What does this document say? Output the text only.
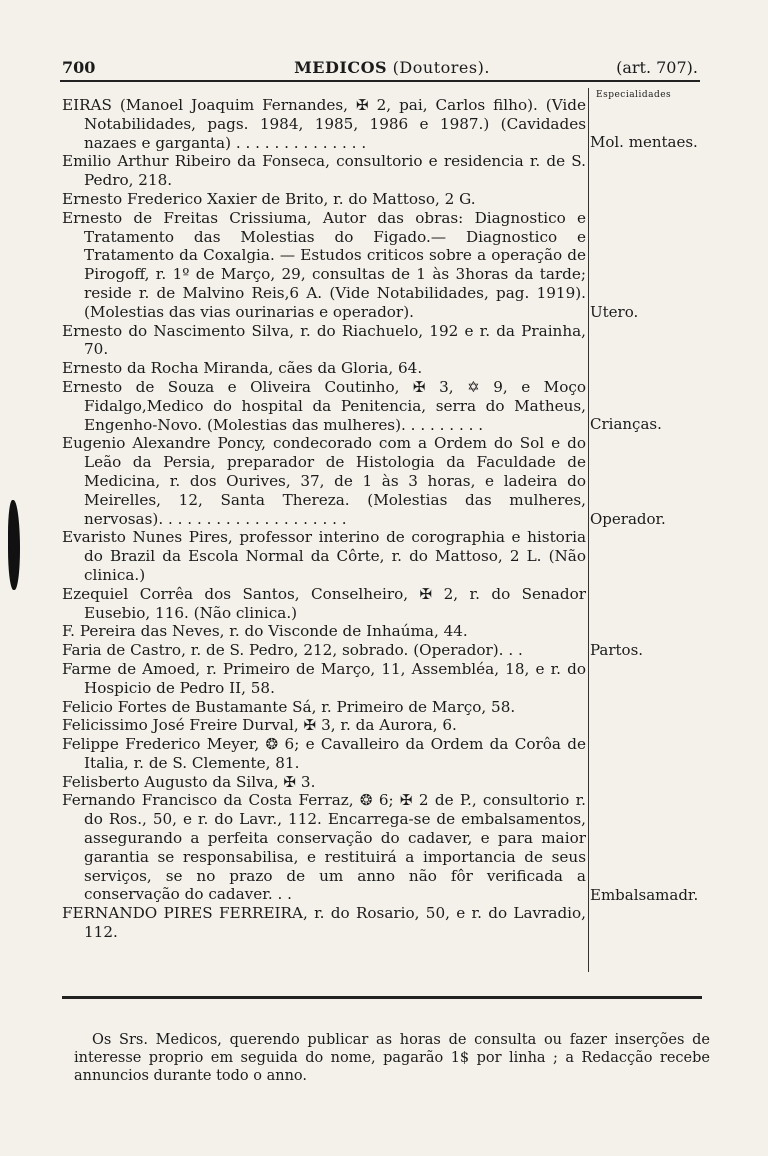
700	MEDICOS (Doutores).	(art. 707).
Especialidades

EIRAS (Manoel Joaquim Fernandes, ✠ 2, pai, Carlos filho). (Vide Notabilidades, pags. 1984, 1985, 1986 e 1987.) (Cavidades nazaes e garganta) . . . . . . . . . . . . . .	Mol. mentaes.

Emilio Arthur Ribeiro da Fonseca, consultorio e residencia r. de S. Pedro, 218.

Ernesto Frederico Xaxier de Brito, r. do Mattoso, 2 G.

Ernesto de Freitas Crissiuma, Autor das obras: Diagnostico e Tratamento das Molestias do Figado.— Diagnostico e Tratamento da Coxalgia. — Estudos criticos sobre a operação de Pirogoff, r. 1º de Março, 29, consultas de 1 às 3horas da tarde; reside r. de Malvino Reis,6 A. (Vide Notabilidades, pag. 1919). (Molestias das vias ourinarias e operador).	Utero.

Ernesto do Nascimento Silva, r. do Riachuelo, 192 e r. da Prainha, 70.

Ernesto da Rocha Miranda, cães da Gloria, 64.

Ernesto de Souza e Oliveira Coutinho, ✠ 3, ✡ 9, e Moço Fidalgo,Medico do hospital da Penitencia, serra do Matheus, Engenho-Novo. (Molestias das mulheres). . . . . . . . .	Crianças.

Eugenio Alexandre Poncy, condecorado com a Ordem do Sol e do Leão da Persia, preparador de Histologia da Faculdade de Medicina, r. dos Ourives, 37, de 1 às 3 horas, e ladeira do Meirelles, 12, Santa Thereza. (Molestias das mulheres, nervosas). . . . . . . . . . . . . . . . . . . .	Operador.

Evaristo Nunes Pires, professor interino de corographia e historia do Brazil da Escola Normal da Côrte, r. do Mattoso, 2 L. (Não clinica.)

Ezequiel Corrêa dos Santos, Conselheiro, ✠ 2, r. do Senador Eusebio, 116. (Não clinica.)

F. Pereira das Neves, r. do Visconde de Inhaúma, 44.

Faria de Castro, r. de S. Pedro, 212, sobrado. (Operador). . .	Partos.

Farme de Amoed, r. Primeiro de Março, 11, Assembléa, 18, e r. do Hospicio de Pedro II, 58.

Felicio Fortes de Bustamante Sá, r. Primeiro de Março, 58.

Felicissimo José Freire Durval, ✠ 3, r. da Aurora, 6.

Felippe Frederico Meyer, ❂ 6; e Cavalleiro da Ordem da Corôa de Italia, r. de S. Clemente, 81.

Felisberto Augusto da Silva, ✠ 3.

Fernando Francisco da Costa Ferraz, ❂ 6; ✠ 2 de P., consultorio r. do Ros., 50, e r. do Lavr., 112. Encarrega-se de embalsamentos, assegurando a perfeita conservação do cadaver, e para maior garantia se responsabilisa, e restituirá a importancia de seus serviços, se no prazo de um anno não fôr verificada a conservação do cadaver. . .	Embalsamadr.

FERNANDO PIRES FERREIRA, r. do Rosario, 50, e r. do Lavradio, 112.

Os Srs. Medicos, querendo publicar as horas de consulta ou fazer inserções de interesse proprio em seguida do nome, pagarão 1$ por linha ; a Redacção recebe annuncios durante todo o anno.
